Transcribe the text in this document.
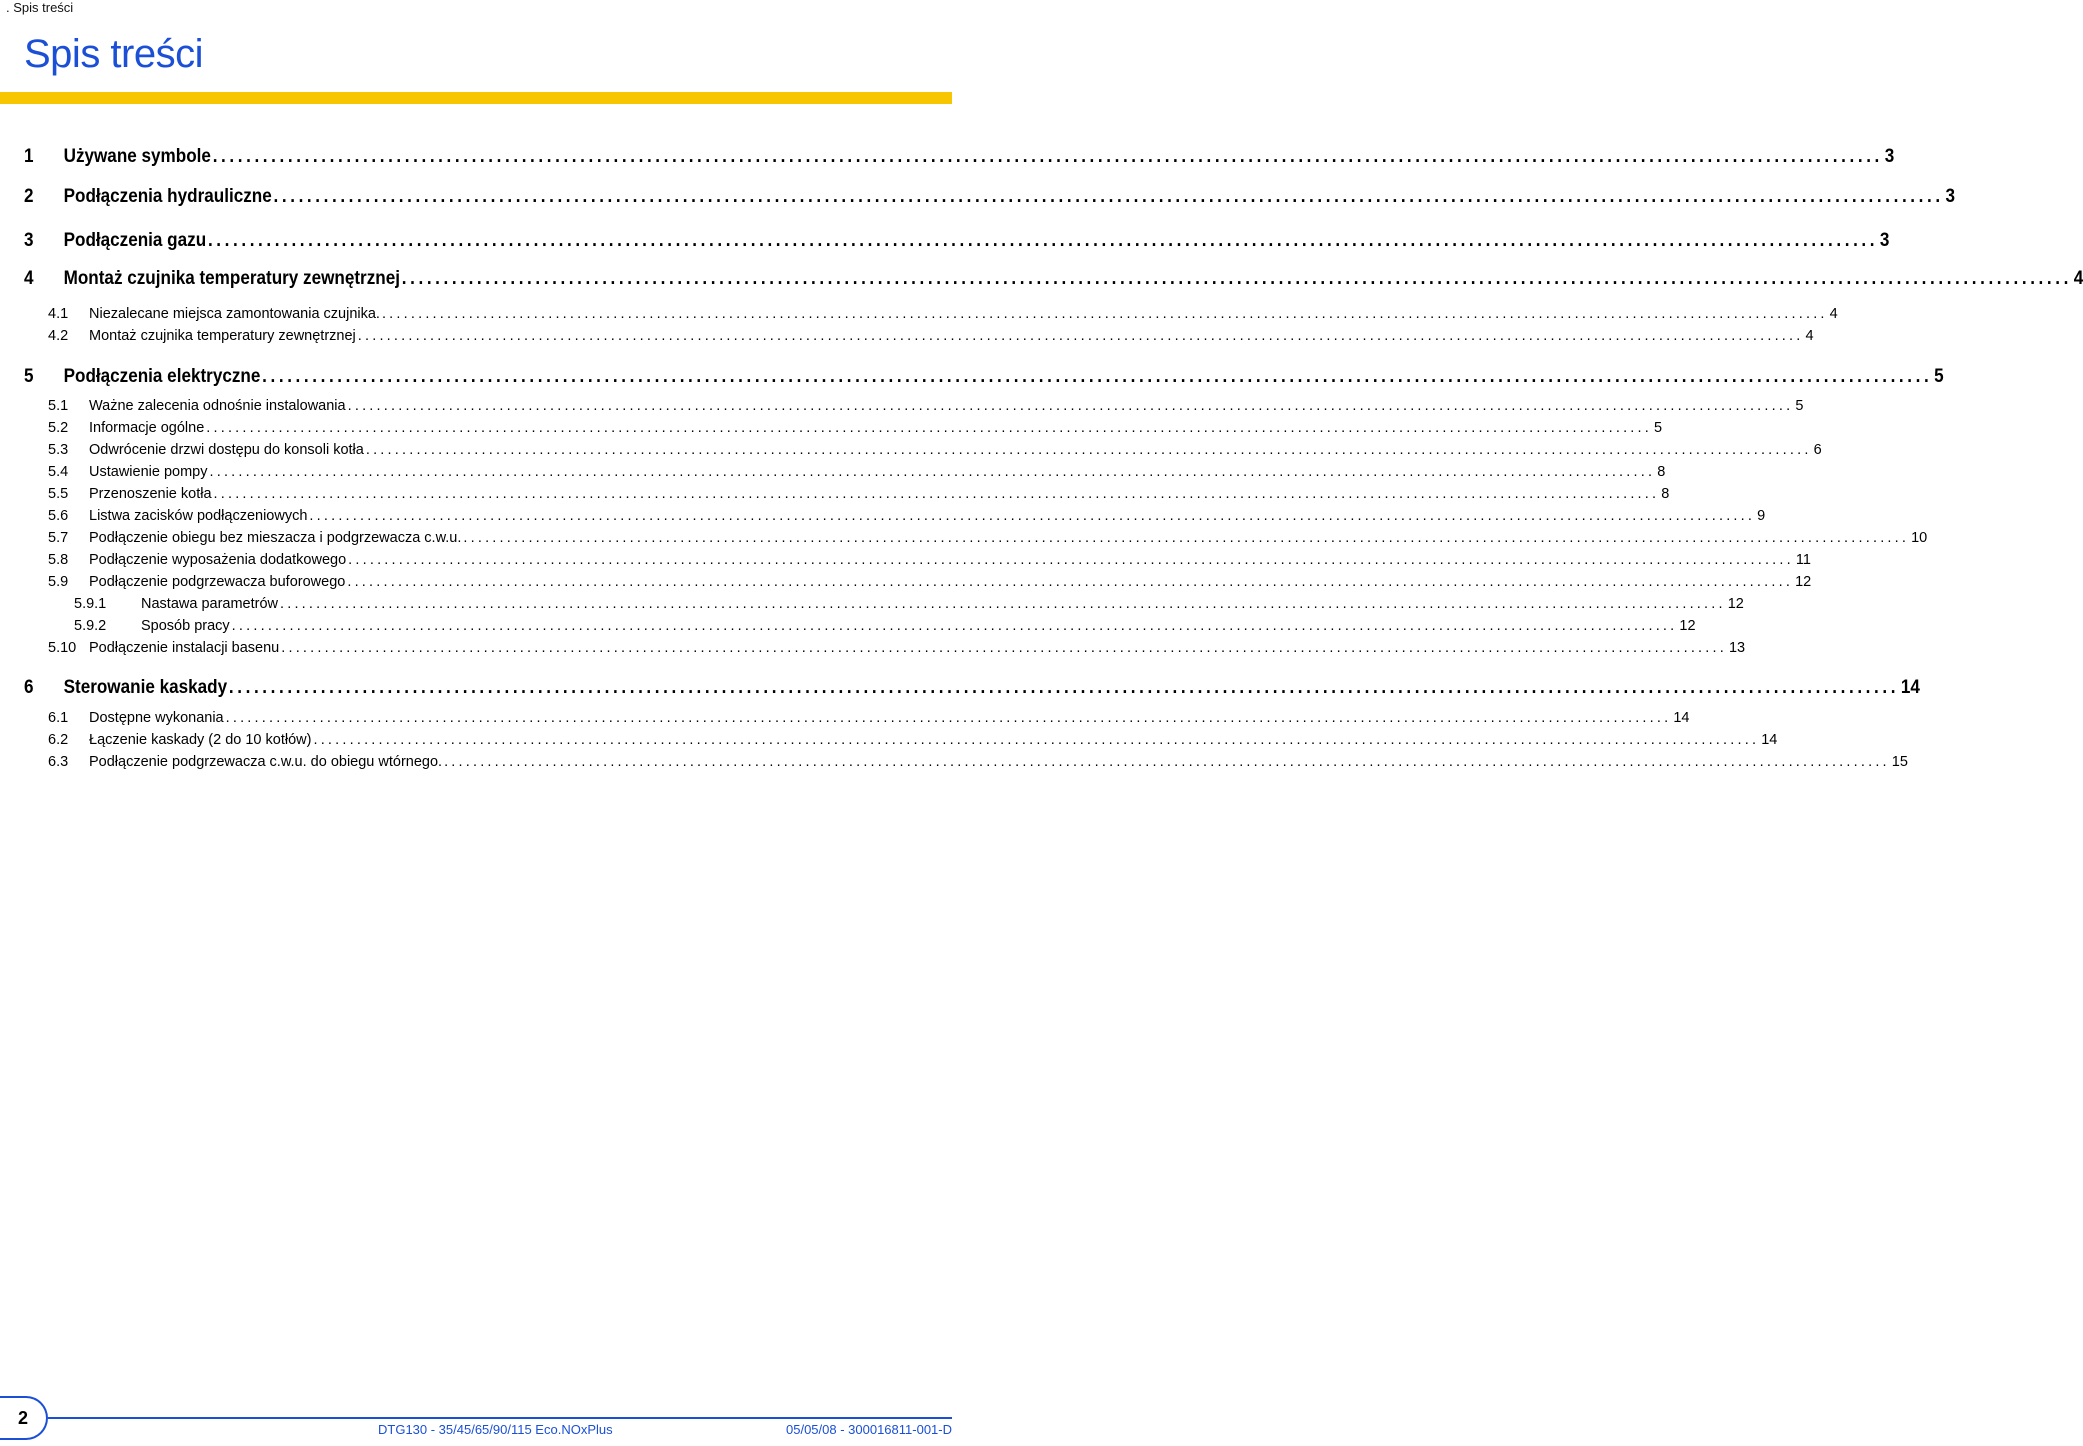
. Spis treści
Spis treści
1	Używane symbole ........................................................................................................................................................................................................ 3
2	Podłączenia hydrauliczne ........................................................................................................................................................................................................ 3
3	Podłączenia gazu ........................................................................................................................................................................................................ 3
4	Montaż czujnika temperatury zewnętrznej ........................................................................................................................................................................................................ 4
4.1	Niezalecane miejsca zamontowania czujnika. ........................................................................................................................................................................................................ 4
4.2	Montaż czujnika temperatury zewnętrznej ........................................................................................................................................................................................................ 4
5	Podłączenia elektryczne ........................................................................................................................................................................................................ 5
5.1	Ważne zalecenia odnośnie instalowania ........................................................................................................................................................................................................ 5
5.2	Informacje ogólne ........................................................................................................................................................................................................ 5
5.3	Odwrócenie drzwi dostępu do konsoli kotła ........................................................................................................................................................................................................ 6
5.4	Ustawienie pompy ........................................................................................................................................................................................................ 8
5.5	Przenoszenie kotła ........................................................................................................................................................................................................ 8
5.6	Listwa zacisków podłączeniowych ........................................................................................................................................................................................................ 9
5.7	Podłączenie obiegu bez mieszacza i podgrzewacza c.w.u. ........................................................................................................................................................................................................ 10
5.8	Podłączenie wyposażenia dodatkowego ........................................................................................................................................................................................................ 11
5.9	Podłączenie podgrzewacza buforowego ........................................................................................................................................................................................................ 12
5.9.1	Nastawa parametrów ........................................................................................................................................................................................................ 12
5.9.2	Sposób pracy ........................................................................................................................................................................................................ 12
5.10 Podłączenie instalacji basenu ........................................................................................................................................................................................................ 13
6	Sterowanie kaskady ........................................................................................................................................................................................................ 14
6.1	Dostępne wykonania ........................................................................................................................................................................................................ 14
6.2	Łączenie kaskady (2 do 10 kotłów) ........................................................................................................................................................................................................ 14
6.3	Podłączenie podgrzewacza c.w.u. do obiegu wtórnego. ........................................................................................................................................................................................................ 15
2
DTG130 - 35/45/65/90/115 Eco.NOxPlus	05/05/08 - 300016811-001-D
